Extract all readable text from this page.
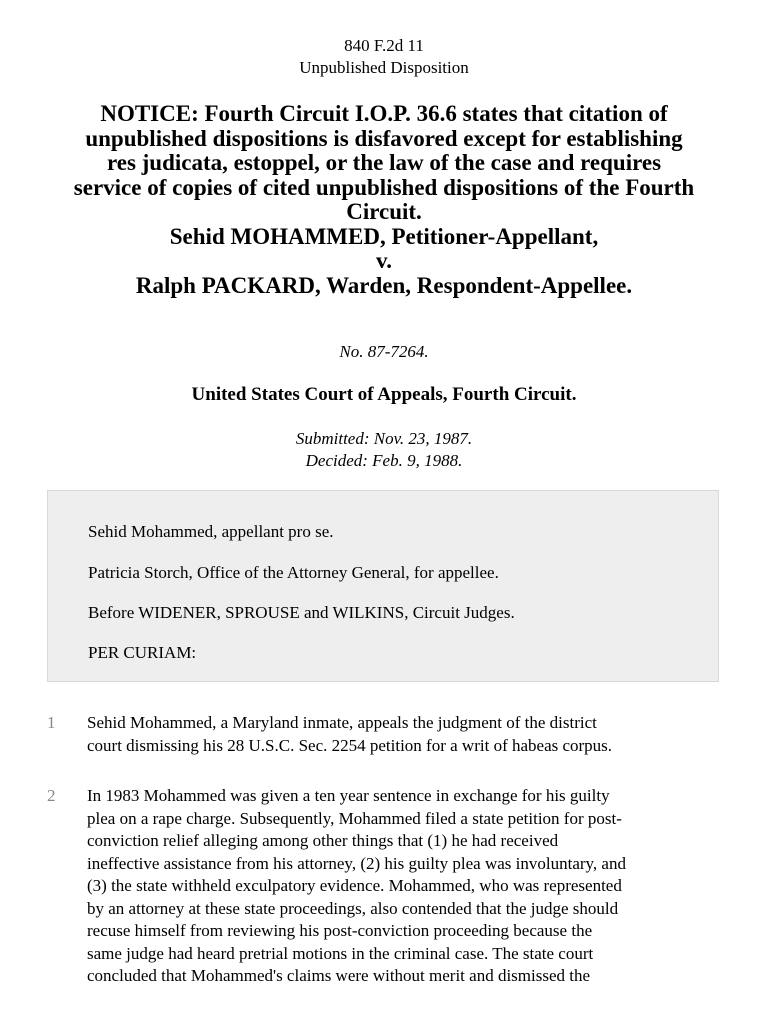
840 F.2d 11
Unpublished Disposition
NOTICE: Fourth Circuit I.O.P. 36.6 states that citation of
unpublished dispositions is disfavored except for establishing
res judicata, estoppel, or the law of the case and requires
service of copies of cited unpublished dispositions of the Fourth
Circuit.
Sehid MOHAMMED, Petitioner-Appellant,
v.
Ralph PACKARD, Warden, Respondent-Appellee.
No. 87-7264.
United States Court of Appeals, Fourth Circuit.
Submitted: Nov. 23, 1987.
Decided: Feb. 9, 1988.

Sehid Mohammed, appellant pro se.

Patricia Storch, Office of the Attorney General, for appellee.

Before WIDENER, SPROUSE and WILKINS, Circuit Judges.

PER CURIAM:

1 Sehid Mohammed, a Maryland inmate, appeals the judgment of the district
court dismissing his 28 U.S.C. Sec. 2254 petition for a writ of habeas corpus.
2 In 1983 Mohammed was given a ten year sentence in exchange for his guilty
plea on a rape charge. Subsequently, Mohammed filed a state petition for post-
conviction relief alleging among other things that (1) he had received
ineffective assistance from his attorney, (2) his guilty plea was involuntary, and
(3) the state withheld exculpatory evidence. Mohammed, who was represented
by an attorney at these state proceedings, also contended that the judge should
recuse himself from reviewing his post-conviction proceeding because the
same judge had heard pretrial motions in the criminal case. The state court
concluded that Mohammed's claims were without merit and dismissed the
